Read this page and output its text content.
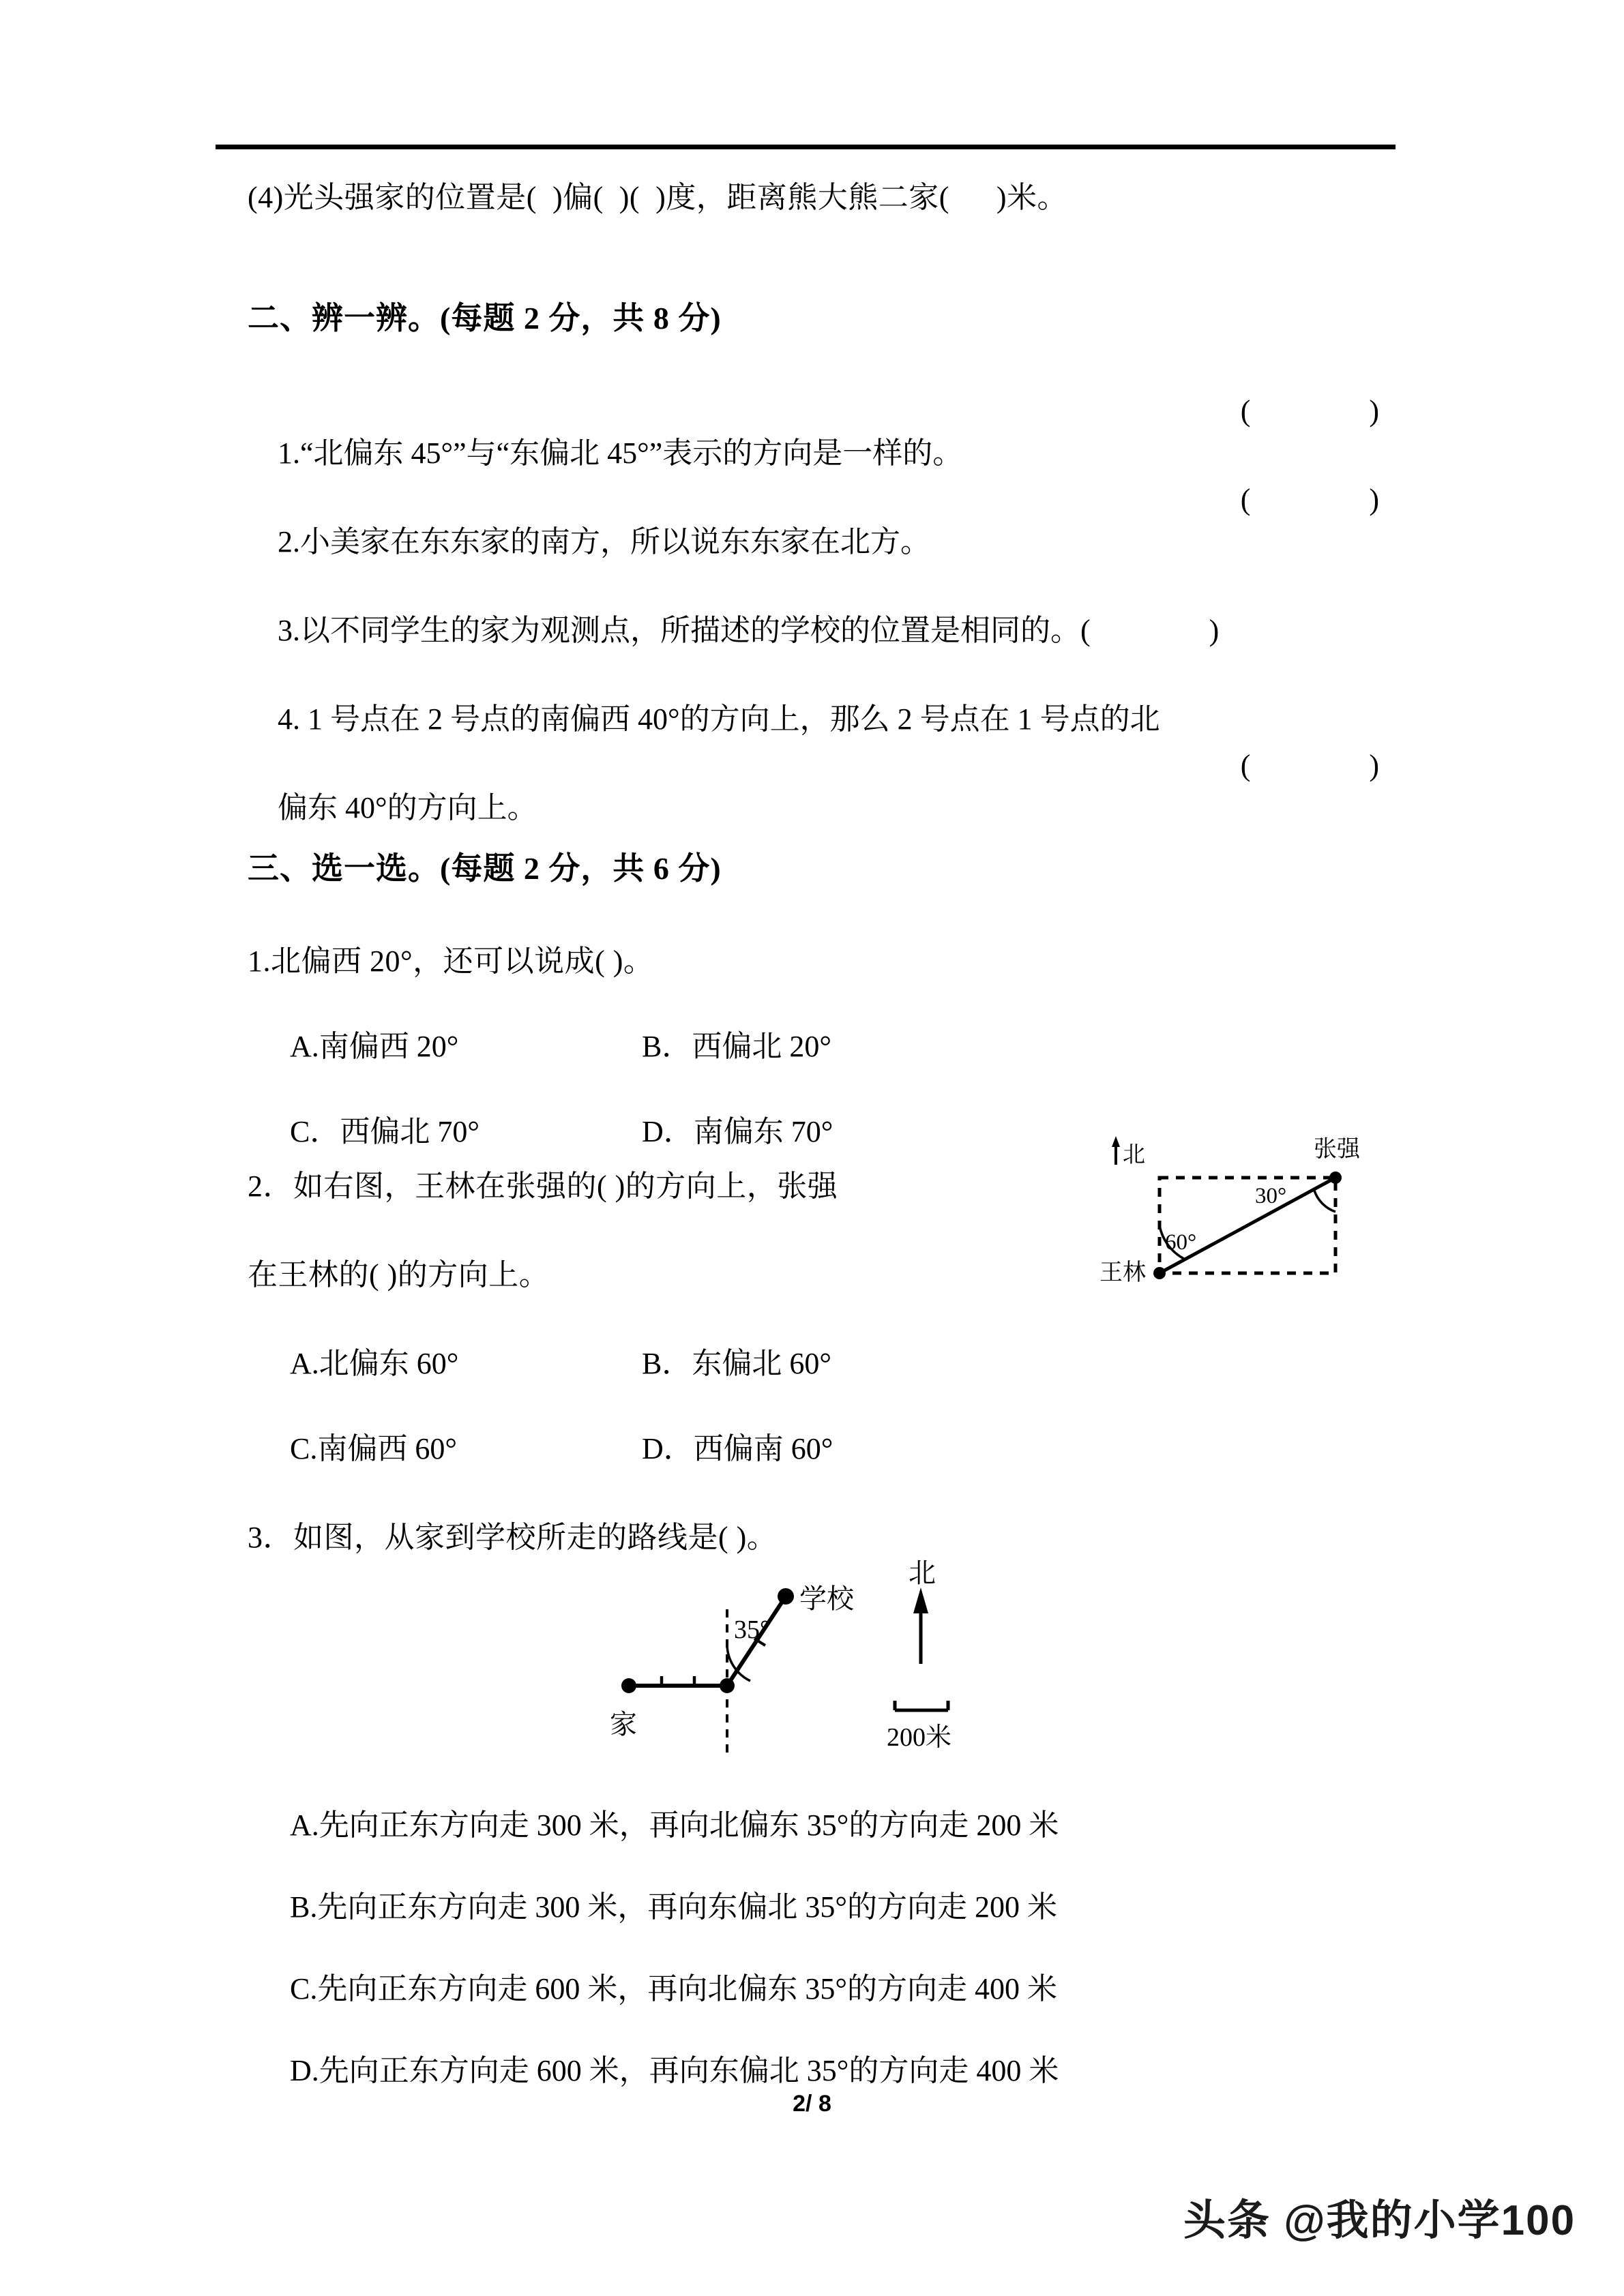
(4)光头强家的位置是(  )偏(  )(  )度，距离熊大熊二家(      )米。
二、辨一辨。(每题 2 分，共 8 分)

1.“北偏东 45°”与“东偏北 45°”表示的方向是一样的。

(    )

2.小美家在东东家的南方，所以说东东家在北方。

(    )

3.以不同学生的家为观测点，所描述的学校的位置是相同的。(    )

4. 1 号点在 2 号点的南偏西 40°的方向上，那么 2 号点在 1 号点的北

偏东 40°的方向上。

(    )

三、选一选。(每题 2 分，共 6 分)
1.北偏西 20°，还可以说成( )。

A.南偏西 20°

	B．西偏北 20°

C．西偏北 70°

	D．南偏东 70°

2．如右图，王林在张强的( )的方向上，张强
在王林的( )的方向上。
北
王林
张强
60°
30°

A.北偏东 60°

	B．东偏北 60°

C.南偏西 60°

	D．西偏南 60°

3．如图，从家到学校所走的路线是( )。
家
学校
35°
北
200米
A.先向正东方向走 300 米，再向北偏东 35°的方向走 200 米
B.先向正东方向走 300 米，再向东偏北 35°的方向走 200 米
C.先向正东方向走 600 米，再向北偏东 35°的方向走 400 米
D.先向正东方向走 600 米，再向东偏北 35°的方向走 400 米
2/ 8
头条 @我的小学100
